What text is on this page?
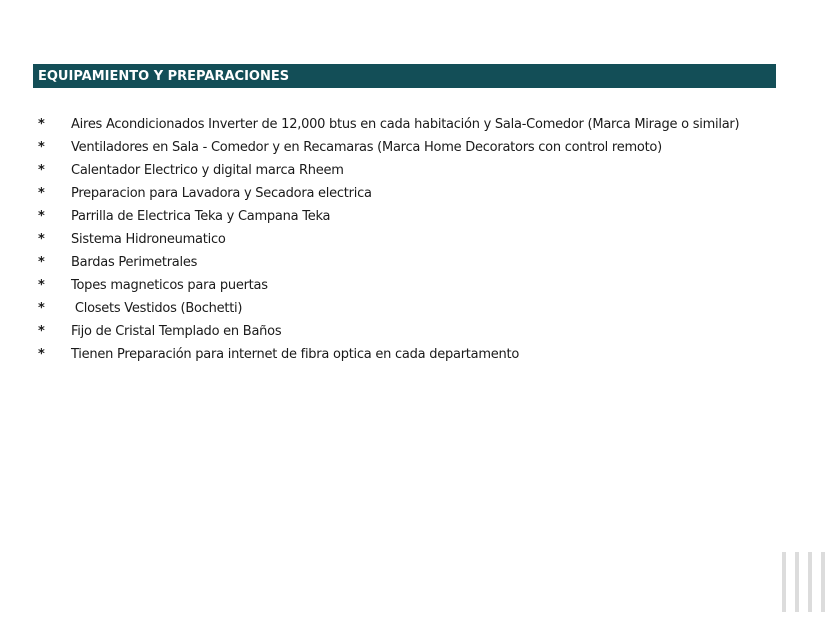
EQUIPAMIENTO Y PREPARACIONES
* Aires Acondicionados Inverter de 12,000 btus en cada habitación y Sala-Comedor (Marca Mirage o similar)
* Ventiladores en Sala - Comedor y en Recamaras (Marca Home Decorators con control remoto)
* Calentador Electrico y digital marca Rheem
* Preparacion para Lavadora y Secadora electrica
* Parrilla de Electrica Teka y Campana Teka
* Sistema Hidroneumatico
* Bardas Perimetrales
* Topes magneticos para puertas
* Closets Vestidos (Bochetti)
* Fijo de Cristal Templado en Baños
* Tienen Preparación para internet de fibra optica en cada departamento
